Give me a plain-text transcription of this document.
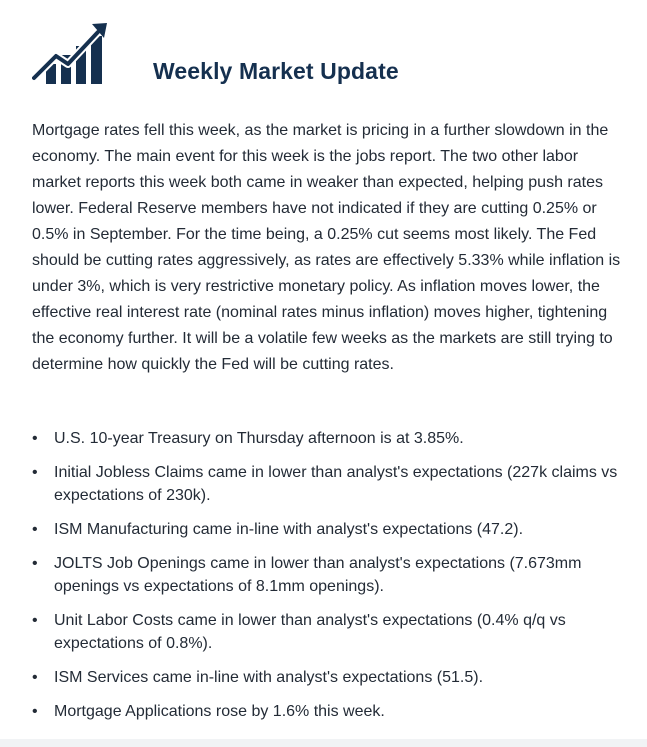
Weekly Market Update

Mortgage rates fell this week, as the market is pricing in a further slowdown in the economy. The main event for this week is the jobs report. The two other labor market reports this week both came in weaker than expected, helping push rates lower. Federal Reserve members have not indicated if they are cutting 0.25% or 0.5% in September. For the time being, a 0.25% cut seems most likely. The Fed should be cutting rates aggressively, as rates are effectively 5.33% while inflation is under 3%, which is very restrictive monetary policy. As inflation moves lower, the effective real interest rate (nominal rates minus inflation) moves higher, tightening the economy further. It will be a volatile few weeks as the markets are still trying to determine how quickly the Fed will be cutting rates.

•	U.S. 10-year Treasury on Thursday afternoon is at 3.85%.
•	Initial Jobless Claims came in lower than analyst's expectations (227k claims vs expectations of 230k).
•	ISM Manufacturing came in-line with analyst's expectations (47.2).
•	JOLTS Job Openings came in lower than analyst's expectations (7.673mm openings vs expectations of 8.1mm openings).
•	Unit Labor Costs came in lower than analyst's expectations (0.4% q/q vs expectations of 0.8%).
•	ISM Services came in-line with analyst's expectations (51.5).
•	Mortgage Applications rose by 1.6% this week.
